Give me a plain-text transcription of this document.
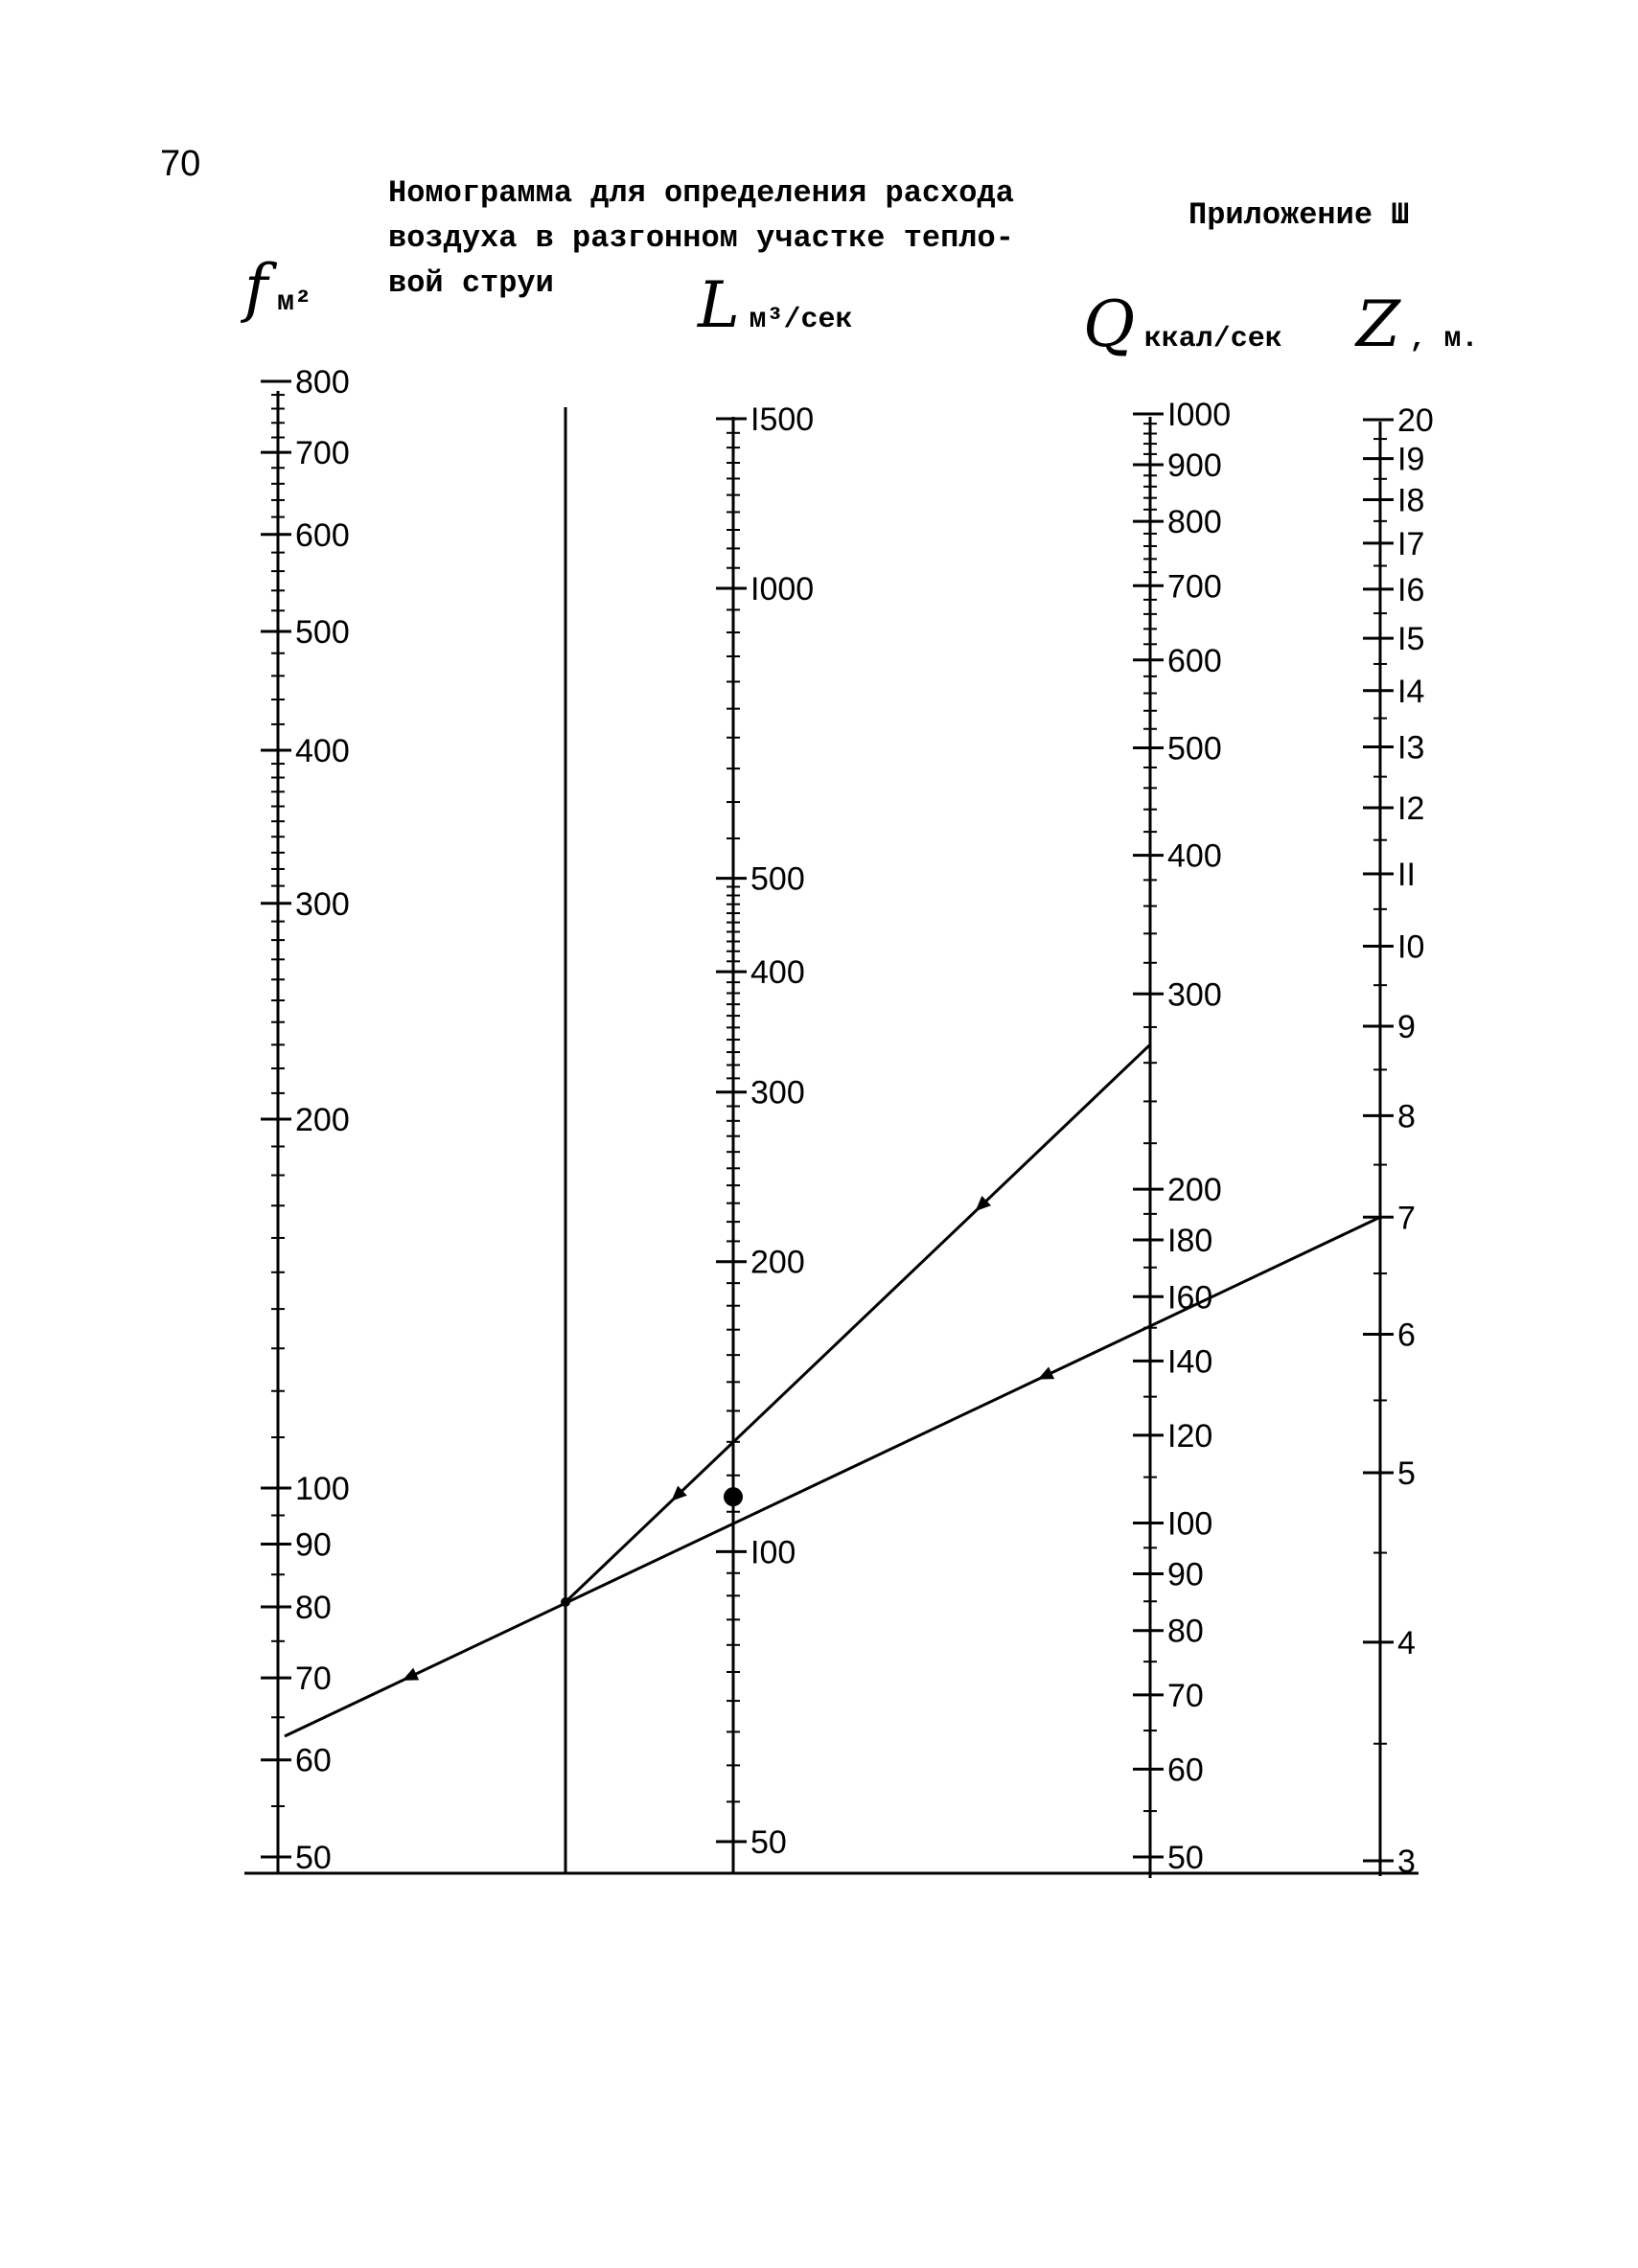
70
Номограмма для определения расхода
воздуха в разгонном участке тепло-
вой струи
Приложение Ш
f м²	L м³/сек	Q ккал/сек Z , м.
800
700
600
500
400
300
200
100
90
80
70
60
50
I500
I000
500
400
300
200
I00
50
I000
900
800
700
600
500
400
300
200
I80
I60
I40
I20
I00
90
80
70
60
50
20
I9
I8
I7
I6
I5
I4
I3
I2
II
I0
9
8
7
6
5
4
3
